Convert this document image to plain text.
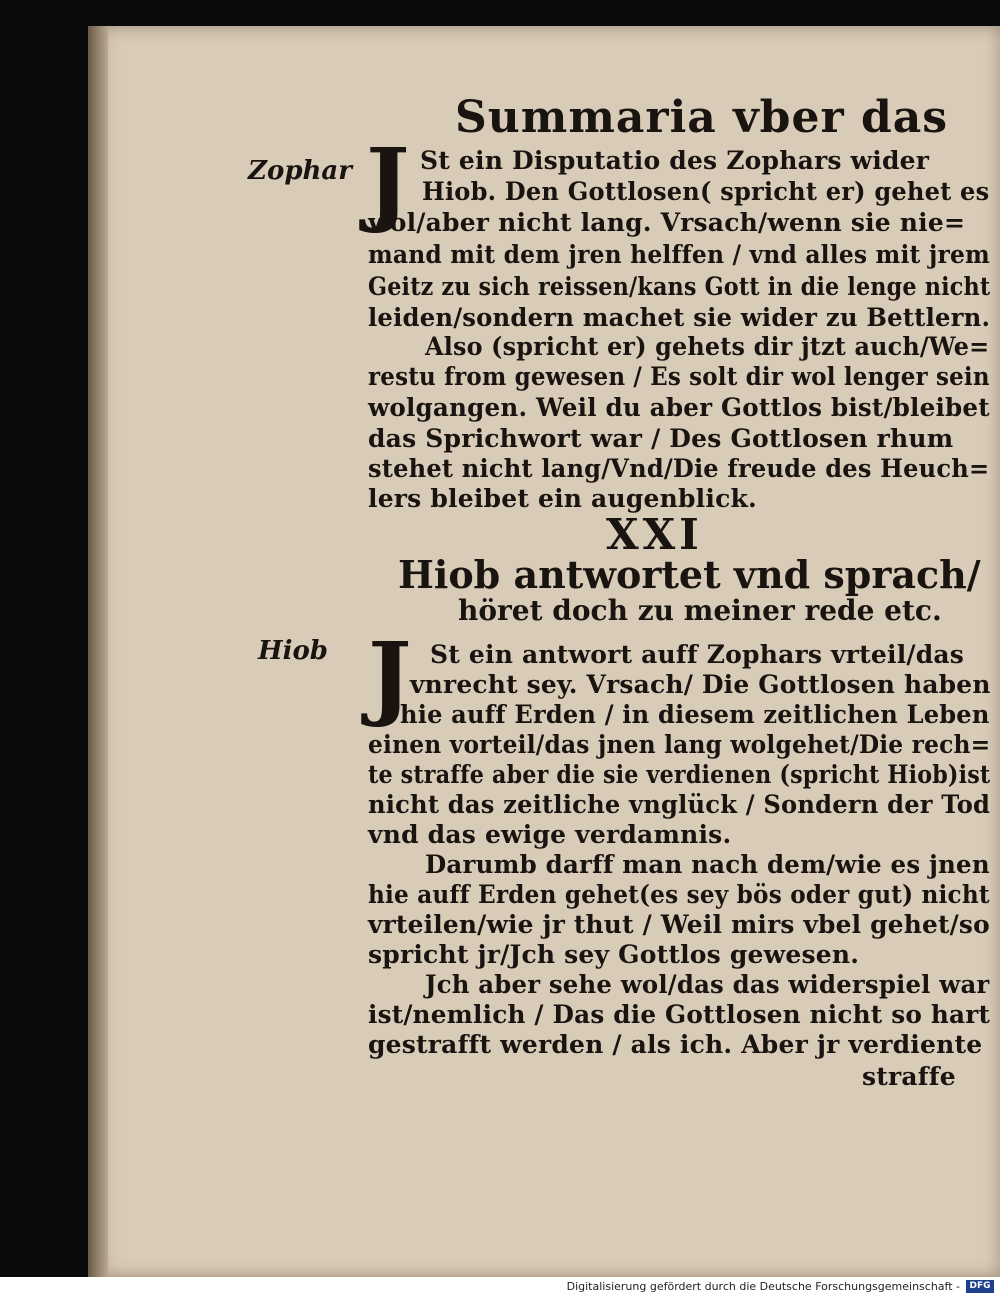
Summaria vber das
Zophar
Hiob
J St ein Disputatio des Zophars wider
Hiob. Den Gottlosen( spricht er) gehet es
wol/aber nicht lang. Vrsach/wenn sie nie=
mand mit dem jren helffen / vnd alles mit jrem
Geitz zu sich reissen/kans Gott in die lenge nicht
leiden/sondern machet sie wider zu Bettlern.
Also (spricht er) gehets dir jtzt auch/We=
restu from gewesen / Es solt dir wol lenger sein
wolgangen. Weil du aber Gottlos bist/bleibet
das Sprichwort war / Des Gottlosen rhum
stehet nicht lang/Vnd/Die freude des Heuch=
lers bleibet ein augenblick.
XXI
Hiob antwortet vnd sprach/
höret doch zu meiner rede etc.
J St ein antwort auff Zophars vrteil/das
vnrecht sey. Vrsach/ Die Gottlosen haben
hie auff Erden / in diesem zeitlichen Leben
einen vorteil/das jnen lang wolgehet/Die rech=
te straffe aber die sie verdienen (spricht Hiob)ist
nicht das zeitliche vnglück / Sondern der Tod
vnd das ewige verdamnis.
Darumb darff man nach dem/wie es jnen
hie auff Erden gehet(es sey bös oder gut) nicht
vrteilen/wie jr thut / Weil mirs vbel gehet/so
spricht jr/Jch sey Gottlos gewesen.
Jch aber sehe wol/das das widerspiel war
ist/nemlich / Das die Gottlosen nicht so hart
gestrafft werden / als ich. Aber jr verdiente
straffe
Digitalisierung gefördert durch die Deutsche Forschungsgemeinschaft -	DFG
